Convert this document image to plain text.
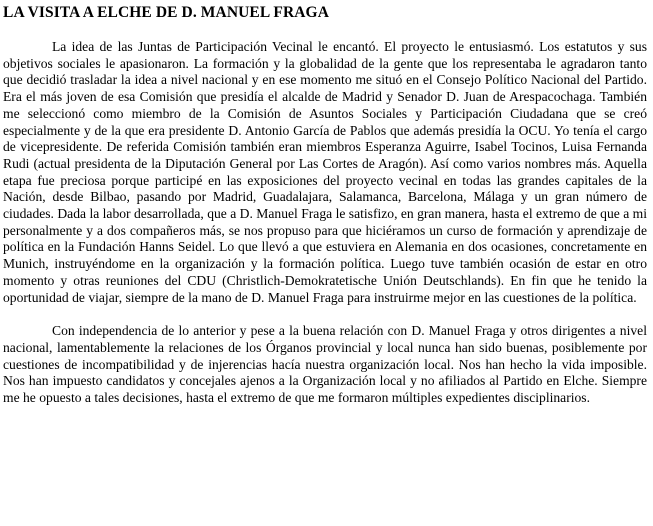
LA VISITA A ELCHE DE D. MANUEL FRAGA

La idea de las Juntas de Participación Vecinal le encantó. El proyecto le entusiasmó. Los estatutos y sus objetivos sociales le apasionaron. La formación y la globalidad de la gente que los representaba le agradaron tanto que decidió trasladar la idea a nivel nacional y en ese momento me situó en el Consejo Político Nacional del Partido. Era el más joven de esa Comisión que presidía el alcalde de Madrid y Senador D. Juan de Arespacochaga. También me seleccionó como miembro de la Comisión de Asuntos Sociales y Participación Ciudadana que se creó especialmente y de la que era presidente D. Antonio García de Pablos que además presidía la OCU. Yo tenía el cargo de vicepresidente. De referida Comisión también eran miembros Esperanza Aguirre, Isabel Tocinos, Luisa Fernanda Rudi (actual presidenta de la Diputación General por Las Cortes de Aragón). Así como varios nombres más. Aquella etapa fue preciosa porque participé en las exposiciones del proyecto vecinal en todas las grandes capitales de la Nación, desde Bilbao, pasando por Madrid, Guadalajara, Salamanca, Barcelona, Málaga y un gran número de ciudades. Dada la labor desarrollada, que a D. Manuel Fraga le satisfizo, en gran manera, hasta el extremo de que a mi personalmente y a dos compañeros más, se nos propuso para que hiciéramos un curso de formación y aprendizaje de política en la Fundación Hanns Seidel. Lo que llevó a que estuviera en Alemania en dos ocasiones, concretamente en Munich, instruyéndome en la organización y la formación política. Luego tuve también ocasión de estar en otro momento y otras reuniones del CDU (Christlich-Demokratetische Unión Deutschlands). En fin que he tenido la oportunidad de viajar, siempre de la mano de D. Manuel Fraga para instruirme mejor en las cuestiones de la política.

Con independencia de lo anterior y pese a la buena relación con D. Manuel Fraga y otros dirigentes a nivel nacional, lamentablemente la relaciones de los Órganos provincial y local nunca han sido buenas, posiblemente por cuestiones de incompatibilidad y de injerencias hacía nuestra organización local. Nos han hecho la vida imposible. Nos han impuesto candidatos y concejales ajenos a la Organización local y no afiliados al Partido en Elche. Siempre me he opuesto a tales decisiones, hasta el extremo de que me formaron múltiples expedientes disciplinarios.
